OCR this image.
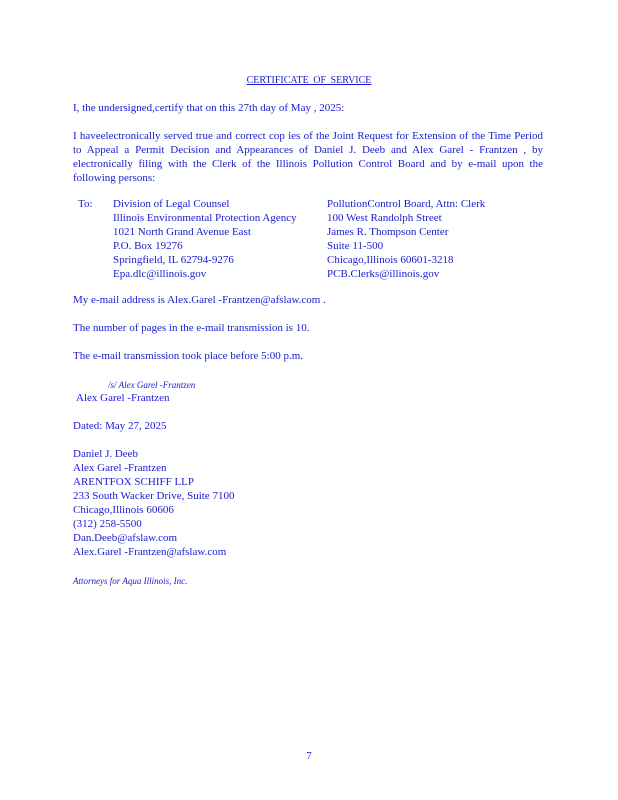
CERTIFICATE OF SERVICE
I, the undersigned,certify that on this 27th day of May , 2025:
I haveelectronically served true and correct cop ies of the Joint Request for Extension of the Time Period to Appeal a Permit Decision and Appearances of Daniel J. Deeb and Alex Garel - Frantzen , by electronically filing with the Clerk of the Illinois Pollution Control Board and by e-mail upon the following persons:
To: Division of Legal Counsel
Illinois Environmental Protection Agency
1021 North Grand Avenue East
P.O. Box 19276
Springfield, IL 62794-9276
Epa.dlc@illinois.gov
PollutionControl Board, Attn: Clerk
100 West Randolph Street
James R. Thompson Center
Suite 11-500
Chicago,Illinois 60601-3218
PCB.Clerks@illinois.gov
My e-mail address is Alex.Garel -Frantzen@afslaw.com .
The number of pages in the e-mail transmission is 10.
The e-mail transmission took place before 5:00 p.m.
/s/ Alex Garel -Frantzen
Alex Garel -Frantzen
Dated: May 27, 2025
Daniel J. Deeb
Alex Garel -Frantzen
ARENTFOX SCHIFF LLP
233 South Wacker Drive, Suite 7100
Chicago,Illinois 60606
(312) 258-5500
Dan.Deeb@afslaw.com
Alex.Garel -Frantzen@afslaw.com
Attorneys for Aqua Illinois, Inc.
7
